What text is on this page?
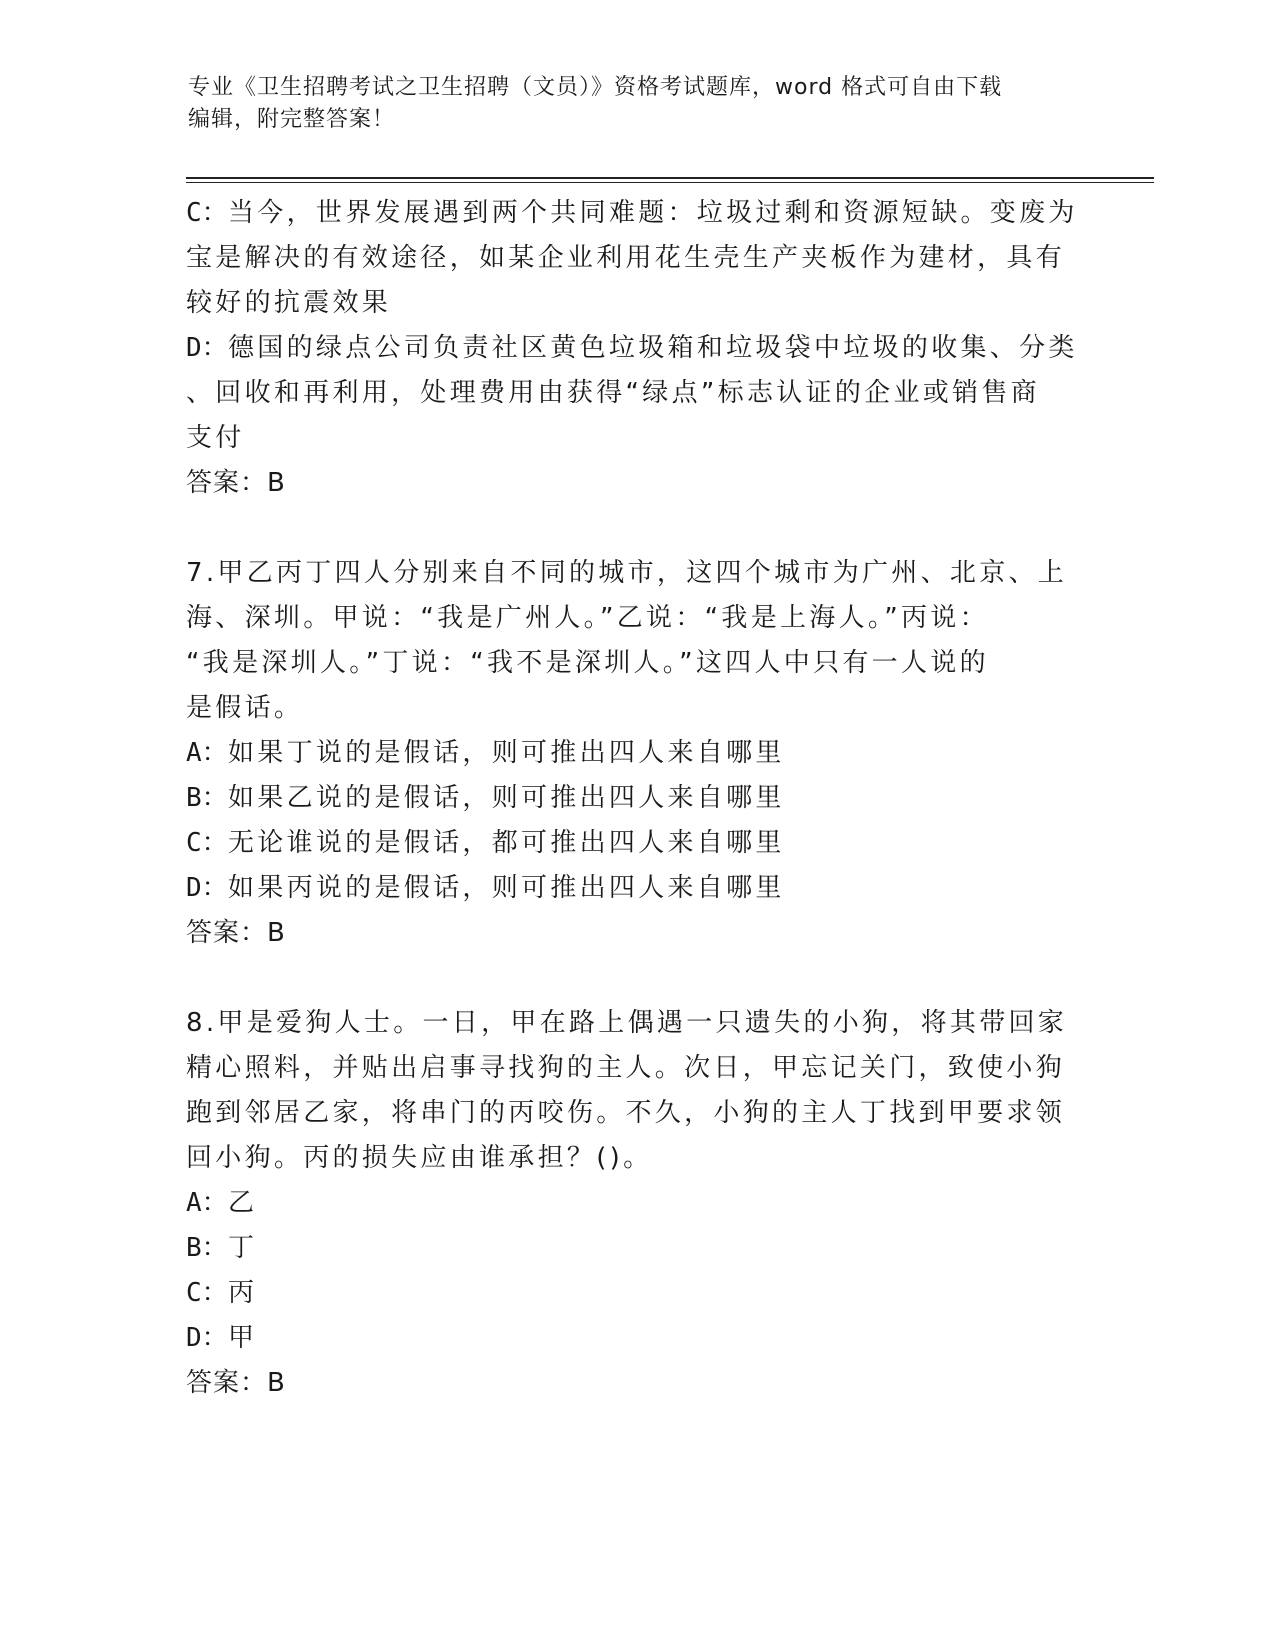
专业《卫生招聘考试之卫生招聘（文员）》资格考试题库，word 格式可自由下载
编辑，附完整答案！
C：当今，世界发展遇到两个共同难题：垃圾过剩和资源短缺。变废为
宝是解决的有效途径，如某企业利用花生壳生产夹板作为建材，具有
较好的抗震效果
D：德国的绿点公司负责社区黄色垃圾箱和垃圾袋中垃圾的收集、分类
、回收和再利用，处理费用由获得“绿点”标志认证的企业或销售商
支付
答案：B
7.甲乙丙丁四人分别来自不同的城市，这四个城市为广州、北京、上
海、深圳。甲说：“我是广州人。”乙说：“我是上海人。”丙说：
“我是深圳人。”丁说：“我不是深圳人。”这四人中只有一人说的
是假话。
A：如果丁说的是假话，则可推出四人来自哪里
B：如果乙说的是假话，则可推出四人来自哪里
C：无论谁说的是假话，都可推出四人来自哪里
D：如果丙说的是假话，则可推出四人来自哪里
答案：B
8.甲是爱狗人士。一日，甲在路上偶遇一只遗失的小狗，将其带回家
精心照料，并贴出启事寻找狗的主人。次日，甲忘记关门，致使小狗
跑到邻居乙家，将串门的丙咬伤。不久，小狗的主人丁找到甲要求领
回小狗。丙的损失应由谁承担？()。
A：乙
B：丁
C：丙
D：甲
答案：B
